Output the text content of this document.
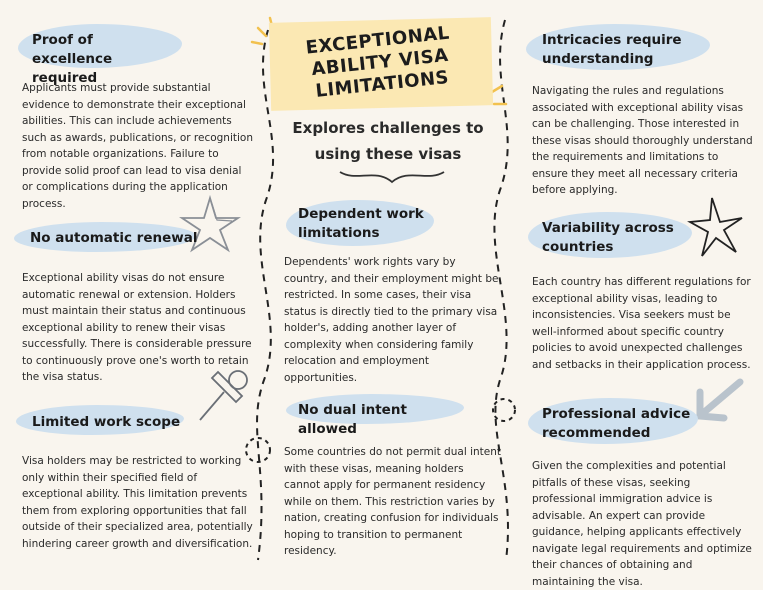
EXCEPTIONAL ABILITY VISA LIMITATIONS
Explores challenges to using these visas
Proof of excellence required
Applicants must provide substantial evidence to demonstrate their exceptional abilities. This can include achievements such as awards, publications, or recognition from notable organizations. Failure to provide solid proof can lead to visa denial or complications during the application process.
No automatic renewal
Exceptional ability visas do not ensure automatic renewal or extension. Holders must maintain their status and continuous exceptional ability to renew their visas successfully. There is considerable pressure to continuously prove one's worth to retain the visa status.
Limited work scope
Visa holders may be restricted to working only within their specified field of exceptional ability. This limitation prevents them from exploring opportunities that fall outside of their specialized area, potentially hindering career growth and diversification.
Dependent work limitations
Dependents' work rights vary by country, and their employment might be restricted. In some cases, their visa status is directly tied to the primary visa holder's, adding another layer of complexity when considering family relocation and employment opportunities.
No dual intent allowed
Some countries do not permit dual intent with these visas, meaning holders cannot apply for permanent residency while on them. This restriction varies by nation, creating confusion for individuals hoping to transition to permanent residency.
Intricacies require understanding
Navigating the rules and regulations associated with exceptional ability visas can be challenging. Those interested in these visas should thoroughly understand the requirements and limitations to ensure they meet all necessary criteria before applying.
Variability across countries
Each country has different regulations for exceptional ability visas, leading to inconsistencies. Visa seekers must be well-informed about specific country policies to avoid unexpected challenges and setbacks in their application process.
Professional advice recommended
Given the complexities and potential pitfalls of these visas, seeking professional immigration advice is advisable. An expert can provide guidance, helping applicants effectively navigate legal requirements and optimize their chances of obtaining and maintaining the visa.
